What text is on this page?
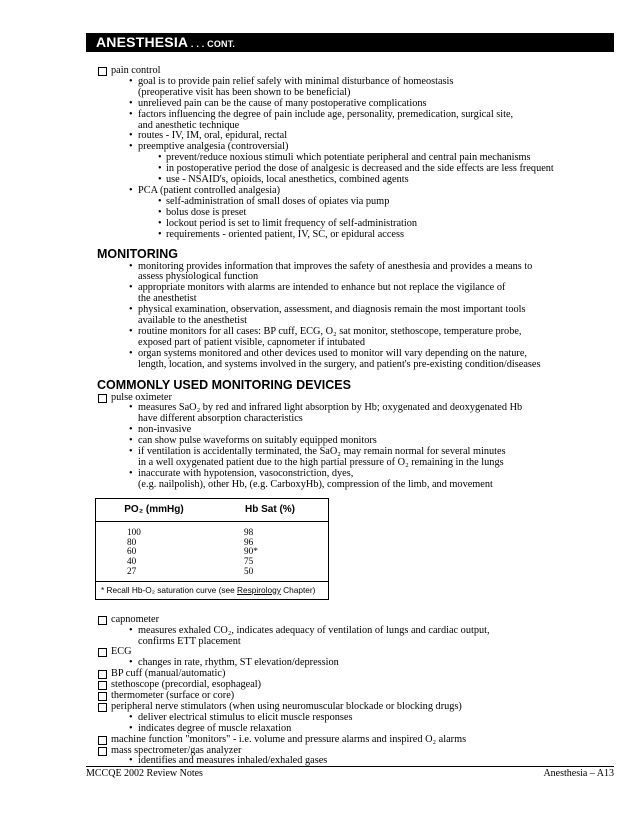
ANESTHESIA . . . CONT.
pain control
• goal is to provide pain relief safely with minimal disturbance of homeostasis
(preoperative visit has been shown to be beneficial)
• unrelieved pain can be the cause of many postoperative complications
• factors influencing the degree of pain include age, personality, premedication, surgical site,
and anesthetic technique
• routes - IV, IM, oral, epidural, rectal
• preemptive analgesia (controversial)
• prevent/reduce noxious stimuli which potentiate peripheral and central pain mechanisms
• in postoperative period the dose of analgesic is decreased and the side effects are less frequent
• use - NSAID's, opioids, local anesthetics, combined agents
• PCA (patient controlled analgesia)
• self-administration of small doses of opiates via pump
• bolus dose is preset
• lockout period is set to limit frequency of self-administration
• requirements - oriented patient, IV, SC, or epidural access
MONITORING
• monitoring provides information that improves the safety of anesthesia and provides a means to
assess physiological function
• appropriate monitors with alarms are intended to enhance but not replace the vigilance of
the anesthetist
• physical examination, observation, assessment, and diagnosis remain the most important tools
available to the anesthetist
• routine monitors for all cases: BP cuff, ECG, O₂ sat monitor, stethoscope, temperature probe,
exposed part of patient visible, capnometer if intubated
• organ systems monitored and other devices used to monitor will vary depending on the nature,
length, location, and systems involved in the surgery, and patient's pre-existing condition/diseases
COMMONLY USED MONITORING DEVICES
pulse oximeter
• measures SaO₂ by red and infrared light absorption by Hb; oxygenated and deoxygenated Hb
have different absorption characteristics
• non-invasive
• can show pulse waveforms on suitably equipped monitors
• if ventilation is accidentally terminated, the SaO₂ may remain normal for several minutes
in a well oxygenated patient due to the high partial pressure of O₂ remaining in the lungs
• inaccurate with hypotension, vasoconstriction, dyes,
(e.g. nailpolish), other Hb, (e.g. CarboxyHb), compression of the limb, and movement
PO₂ (mmHg)	Hb Sat (%)
100
80
60
40
27
98
96
90*
75
50
* Recall Hb-O₂ saturation curve (see Respirology Chapter)
capnometer
• measures exhaled CO₂, indicates adequacy of ventilation of lungs and cardiac output,
confirms ETT placement
ECG
• changes in rate, rhythm, ST elevation/depression
BP cuff (manual/automatic)
stethoscope (precordial, esophageal)
thermometer (surface or core)
peripheral nerve stimulators (when using neuromuscular blockade or blocking drugs)
• deliver electrical stimulus to elicit muscle responses
• indicates degree of muscle relaxation
machine function "monitors" - i.e. volume and pressure alarms and inspired O₂ alarms
mass spectrometer/gas analyzer
• identifies and measures inhaled/exhaled gases
MCCQE 2002 Review Notes	Anesthesia – A13
